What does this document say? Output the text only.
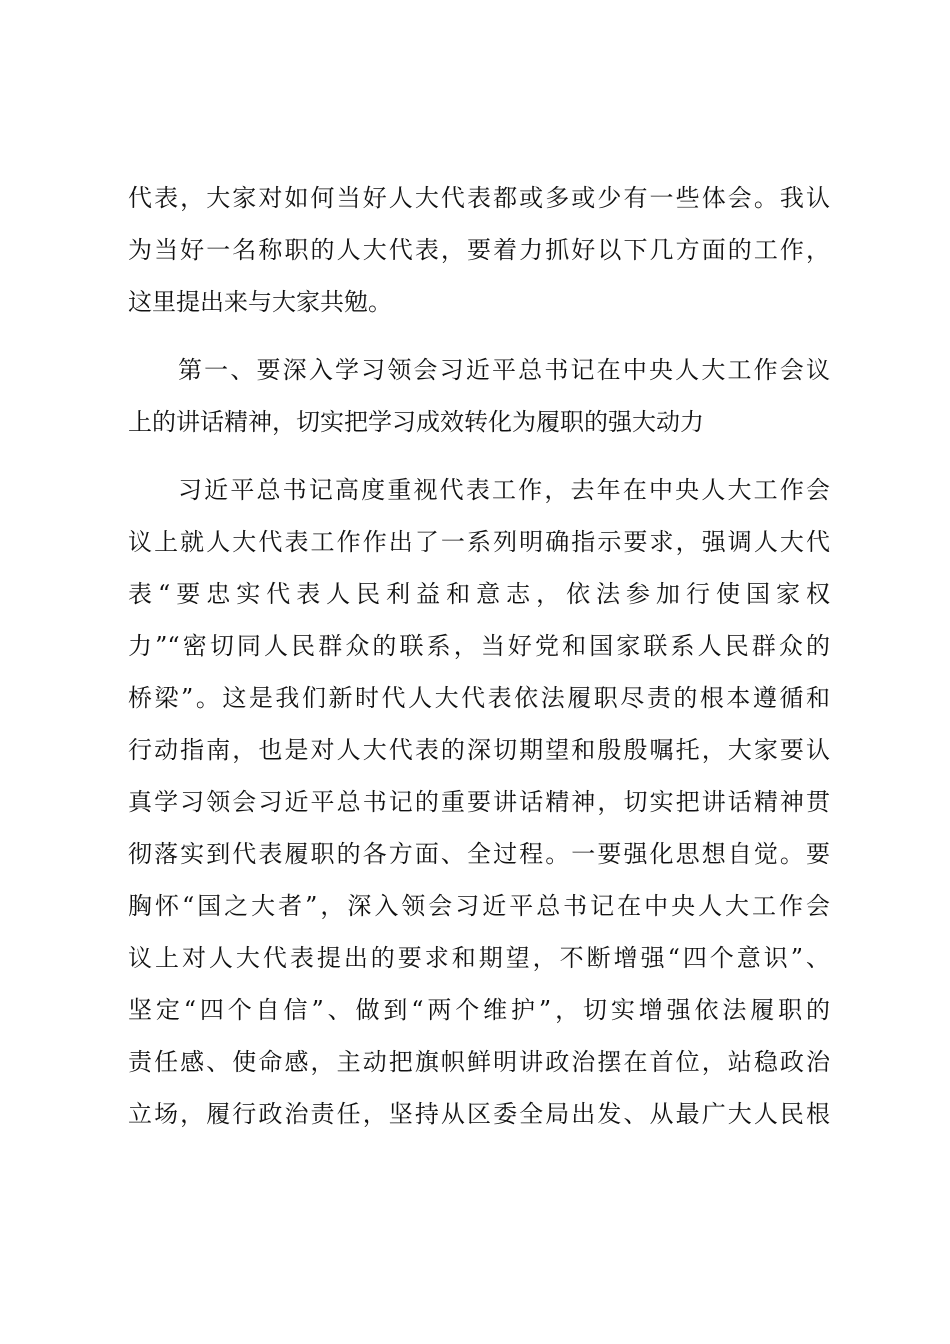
代表，大家对如何当好人大代表都或多或少有一些体会。我认
为当好一名称职的人大代表，要着力抓好以下几方面的工作，
这里提出来与大家共勉。
第一、要深入学习领会习近平总书记在中央人大工作会议
上的讲话精神，切实把学习成效转化为履职的强大动力
习近平总书记高度重视代表工作，去年在中央人大工作会
议上就人大代表工作作出了一系列明确指示要求，强调人大代
表“要忠实代表人民利益和意志，依法参加行使国家权
力”“密切同人民群众的联系，当好党和国家联系人民群众的
桥梁”。这是我们新时代人大代表依法履职尽责的根本遵循和
行动指南，也是对人大代表的深切期望和殷殷嘱托，大家要认
真学习领会习近平总书记的重要讲话精神，切实把讲话精神贯
彻落实到代表履职的各方面、全过程。一要强化思想自觉。要
胸怀“国之大者”，深入领会习近平总书记在中央人大工作会
议上对人大代表提出的要求和期望，不断增强“四个意识”、
坚定“四个自信”、做到“两个维护”，切实增强依法履职的
责任感、使命感，主动把旗帜鲜明讲政治摆在首位，站稳政治
立场，履行政治责任，坚持从区委全局出发、从最广大人民根
